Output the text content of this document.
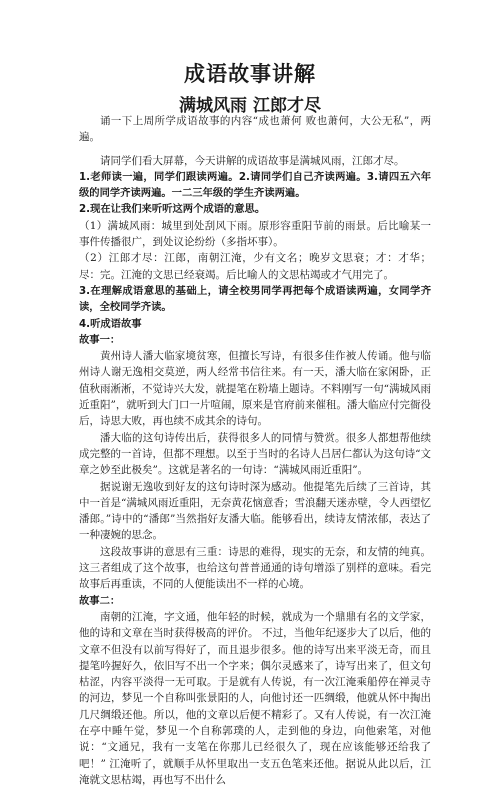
成语故事讲解
满城风雨 江郎才尽

诵一下上周所学成语故事的内容“成也萧何 败也萧何，大公无私”，两遍。

请同学们看大屏幕，今天讲解的成语故事是满城风雨，江郎才尽。

1.老师读一遍，同学们跟读两遍。2.请同学们自己齐读两遍。3.请四五六年级的同学齐读两遍。一二三年级的学生齐读两遍。

2.现在让我们来听听这两个成语的意思。

（1）满城风雨：城里到处刮风下雨。原形容重阳节前的雨景。后比喻某一事件传播很广，到处议论纷纷（多指坏事）。

（2）江郎才尽：江郎，南朝江淹，少有文名；晚岁文思衰；才：才华；尽：完。江淹的文思已经衰竭。后比喻人的文思枯竭或才气用完了。

3.在理解成语意思的基础上，请全校男同学再把每个成语读两遍，女同学齐读，全校同学齐读。

4.听成语故事

故事一：

黄州诗人潘大临家境贫寒，但擅长写诗，有很多佳作被人传诵。他与临州诗人谢无逸相交莫逆，两人经常书信往来。有一天，潘大临在家闲卧，正值秋雨淅淅，不觉诗兴大发，就提笔在粉墙上题诗。不料刚写一句“满城风雨近重阳”，就听到大门口一片喧闹，原来是官府前来催租。潘大临应付完衙役后，诗思大败，再也续不成其余的诗句。

潘大临的这句诗传出后，获得很多人的同情与赞赏。很多人都想帮他续成完整的一首诗，但都不理想。以至于当时的名诗人吕居仁都认为这句诗“文章之妙至此极矣”。这就是著名的一句诗：“满城风雨近重阳”。

据说谢无逸收到好友的这句诗时深为感动。他提笔先后续了三首诗，其中一首是“满城风雨近重阳，无奈黄花恼意香；雪浪翻天迷赤壁，令人西望忆潘郎。”诗中的“潘郎”当然指好友潘大临。能够看出，续诗友情浓郁，表达了一种凄婉的思念。

这段故事讲的意思有三重：诗思的难得，现实的无奈，和友情的纯真。这三者组成了这个故事，也给这句普普通通的诗句增添了别样的意味。看完故事后再重读，不同的人便能读出不一样的心境。

故事二：

南朝的江淹，字文通，他年轻的时候，就成为一个鼎鼎有名的文学家，他的诗和文章在当时获得极高的评价。 不过，当他年纪逐步大了以后，他的文章不但没有以前写得好了，而且退步很多。他的诗写出来平淡无奇，而且提笔吟握好久，依旧写不出一个字来；偶尔灵感来了，诗写出来了，但文句枯涩，内容平淡得一无可取。于是就有人传说，有一次江淹乘船停在禅灵寺的河边，梦见一个自称叫张景阳的人，向他讨还一匹绸缎，他就从怀中掏出几尺绸缎还他。所以，他的文章以后便不精彩了。又有人传说，有一次江淹在亭中睡午觉，梦见一个自称郭璞的人，走到他的身边，向他索笔，对他说：“文通兄，我有一支笔在你那儿已经很久了，现在应该能够还给我了吧！” 江淹听了，就顺手从怀里取出一支五色笔来还他。据说从此以后，江淹就文思枯竭，再也写不出什么
